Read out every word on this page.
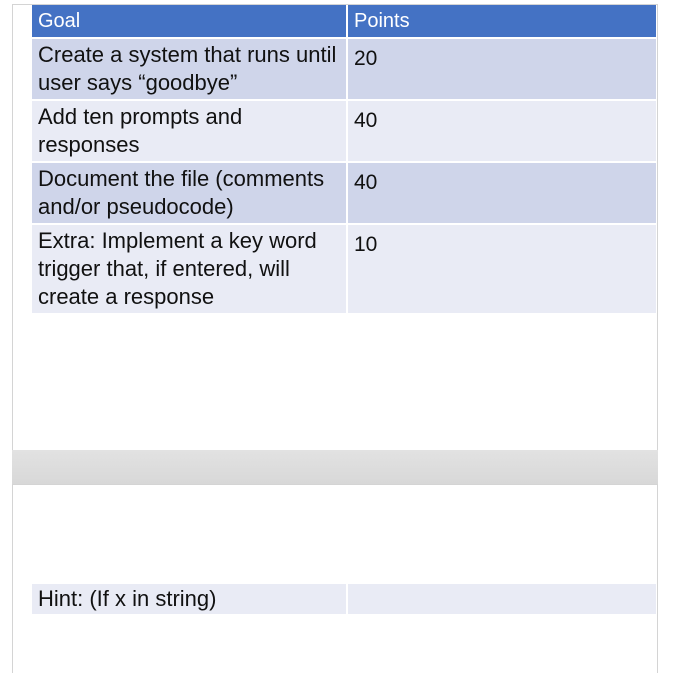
Goal	Points
Create a system that runs until user says “goodbye”	20
Add ten prompts and responses	40
Document the file (comments and/or pseudocode)	40
Extra: Implement a key word trigger that, if entered, will create a response	10
Hint: (If x in string)	
